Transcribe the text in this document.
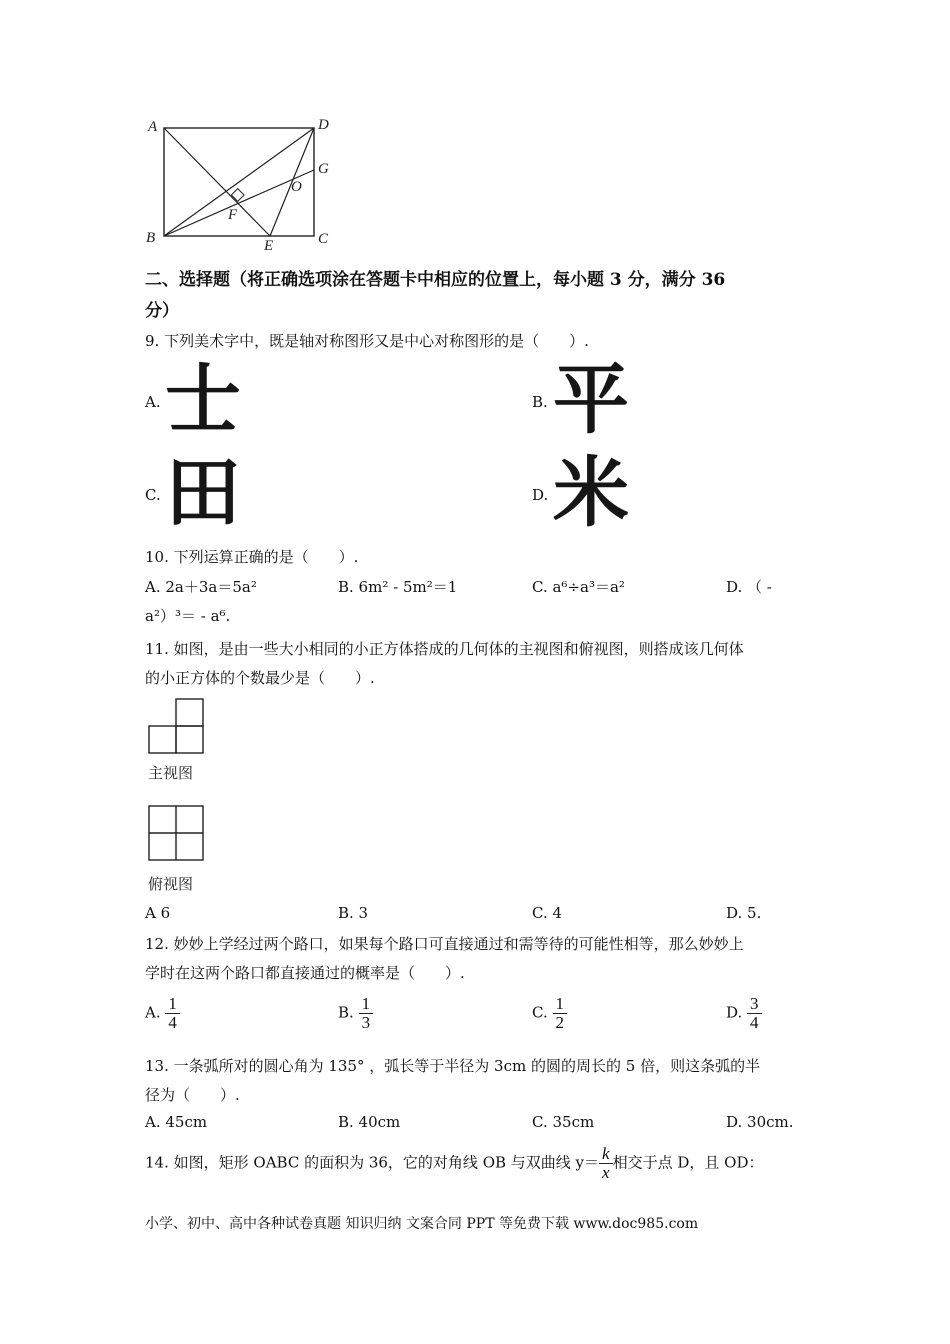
A	D
G
O
F
B	E	C
二、选择题（将正确选项涂在答题卡中相应的位置上，每小题 3 分，满分 36
分）
9. 下列美术字中，既是轴对称图形又是中心对称图形的是（　　）.
A. 士	B. 平
C. 田	D. 米
10. 下列运算正确的是（　　）.
A. 2a＋3a＝5a²	B. 6m² - 5m²＝1	C. a⁶÷a³＝a²	D. （ -
a²）³＝ - a⁶.
11. 如图，是由一些大小相同的小正方体搭成的几何体的主视图和俯视图，则搭成该几何体
的小正方体的个数最少是（　　）.
主视图
俯视图
A 6	B. 3	C. 4	D. 5.
12. 妙妙上学经过两个路口，如果每个路口可直接通过和需等待的可能性相等，那么妙妙上
学时在这两个路口都直接通过的概率是（　　）.
A. $\frac{1}{4}$	B. $\frac{1}{3}$	C. $\frac{1}{2}$	D. $\frac{3}{4}$
13. 一条弧所对的圆心角为 135° ，弧长等于半径为 3cm 的圆的周长的 5 倍，则这条弧的半
径为（　　）.
A. 45cm	B. 40cm	C. 35cm	D. 30cm.
14. 如图，矩形 OABC 的面积为 36，它的对角线 OB 与双曲线 $y= \frac{k}{x}$ 相交于点 D，且 OD：
小学、初中、高中各种试卷真题 知识归纳 文案合同 PPT 等免费下载 www.doc985.com
